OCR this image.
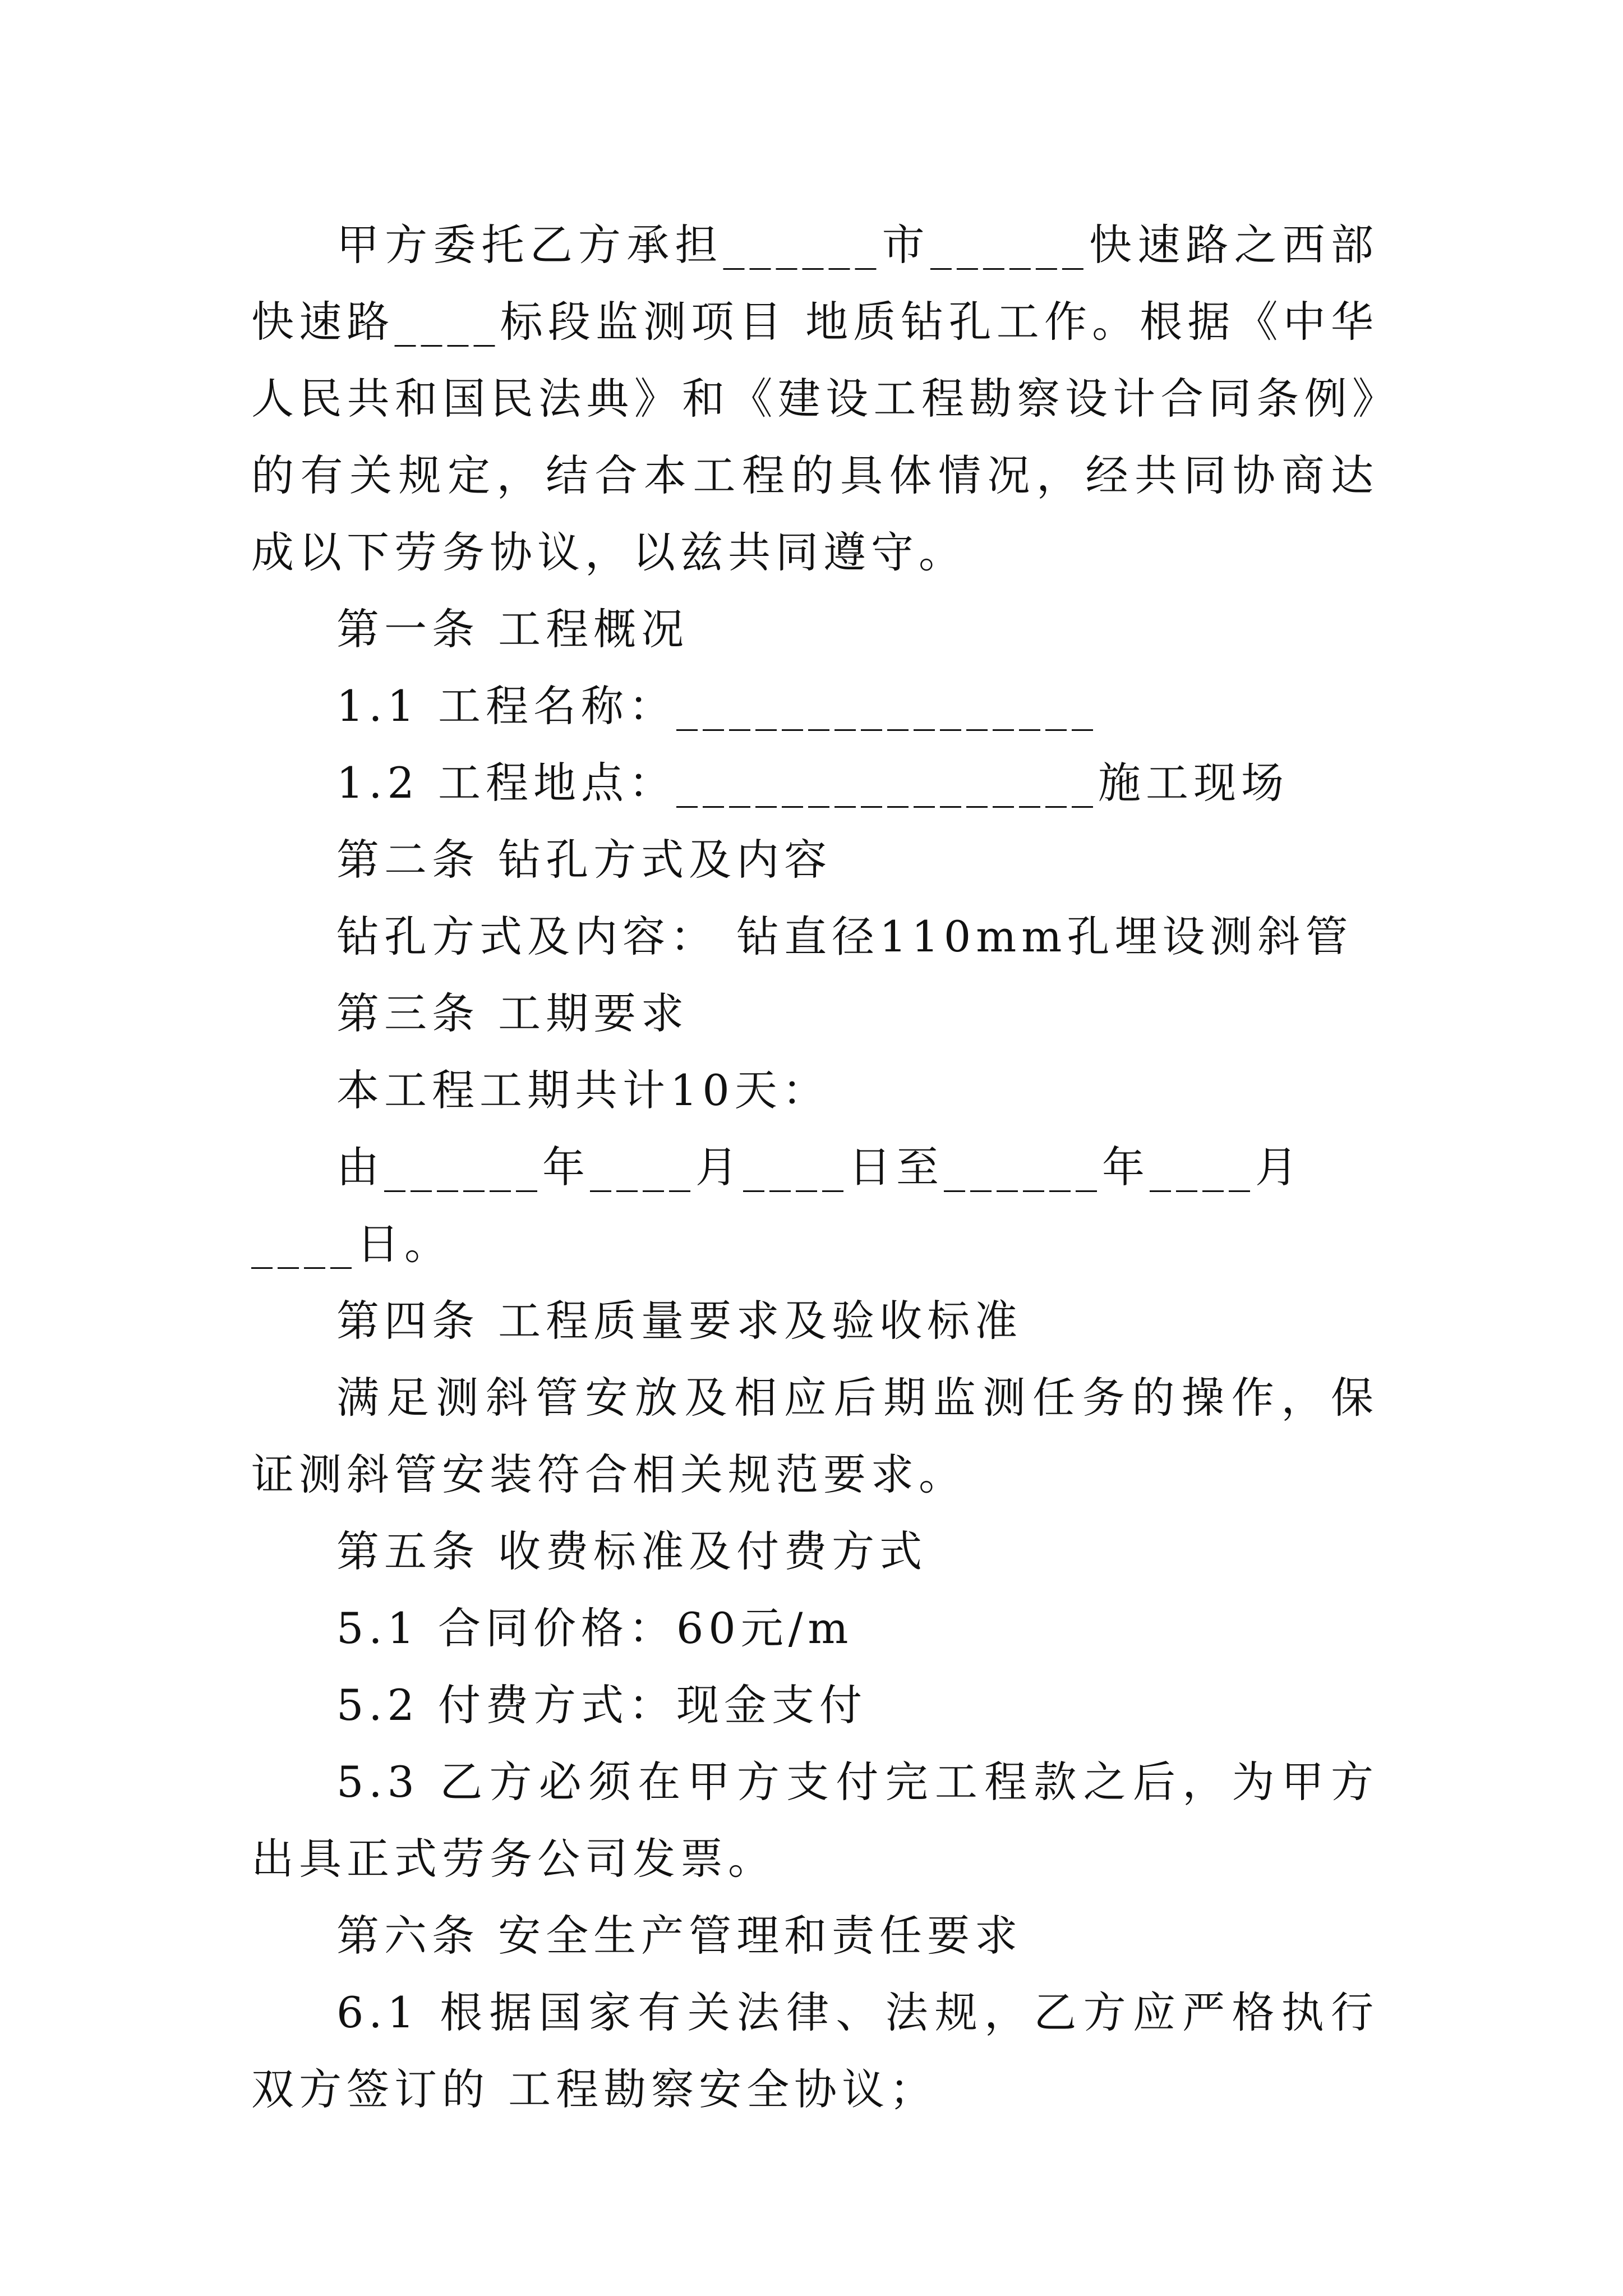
甲方委托乙方承担______市______快速路之西部快速路____标段监测项目 地质钻孔工作。根据《中华人民共和国民法典》和《建设工程勘察设计合同条例》的有关规定，结合本工程的具体情况，经共同协商达成以下劳务协议，以兹共同遵守。

第一条 工程概况

1.1 工程名称：________________

1.2 工程地点：________________施工现场

第二条 钻孔方式及内容

钻孔方式及内容： 钻直径110mm孔埋设测斜管

第三条 工期要求

本工程工期共计10天：

由______年____月____日至______年____月____日。

第四条 工程质量要求及验收标准

满足测斜管安放及相应后期监测任务的操作，保证测斜管安装符合相关规范要求。

第五条 收费标准及付费方式

5.1 合同价格：60元/m

5.2 付费方式：现金支付

5.3 乙方必须在甲方支付完工程款之后，为甲方出具正式劳务公司发票。

第六条 安全生产管理和责任要求

6.1 根据国家有关法律、法规，乙方应严格执行双方签订的 工程勘察安全协议；
